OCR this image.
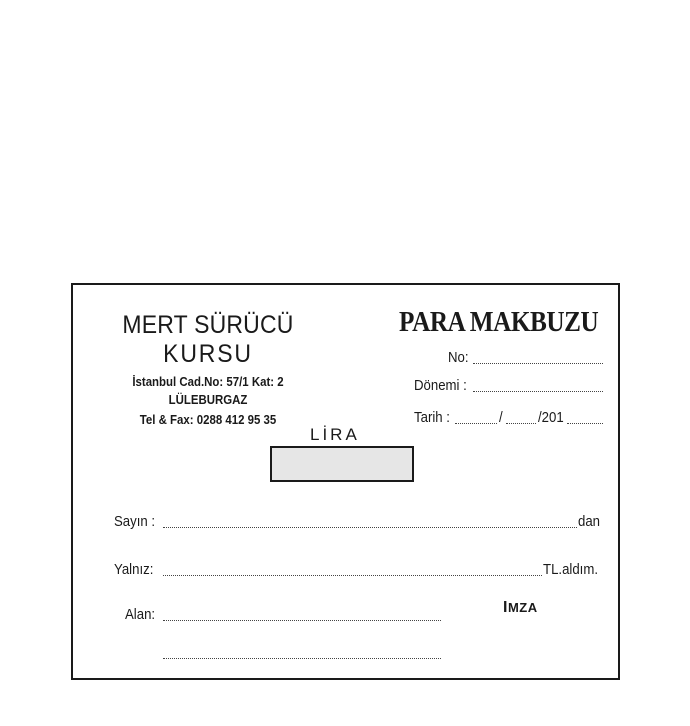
MERT SÜRÜCÜ
KURSU
İstanbul Cad.No: 57/1 Kat: 2
LÜLEBURGAZ
Tel & Fax: 0288 412 95 35
PARA MAKBUZU
No:
Dönemi :
Tarih :	/ /201
LİRA
Sayın :	dan
Yalnız:	TL.aldım.
Alan:	IMZA
